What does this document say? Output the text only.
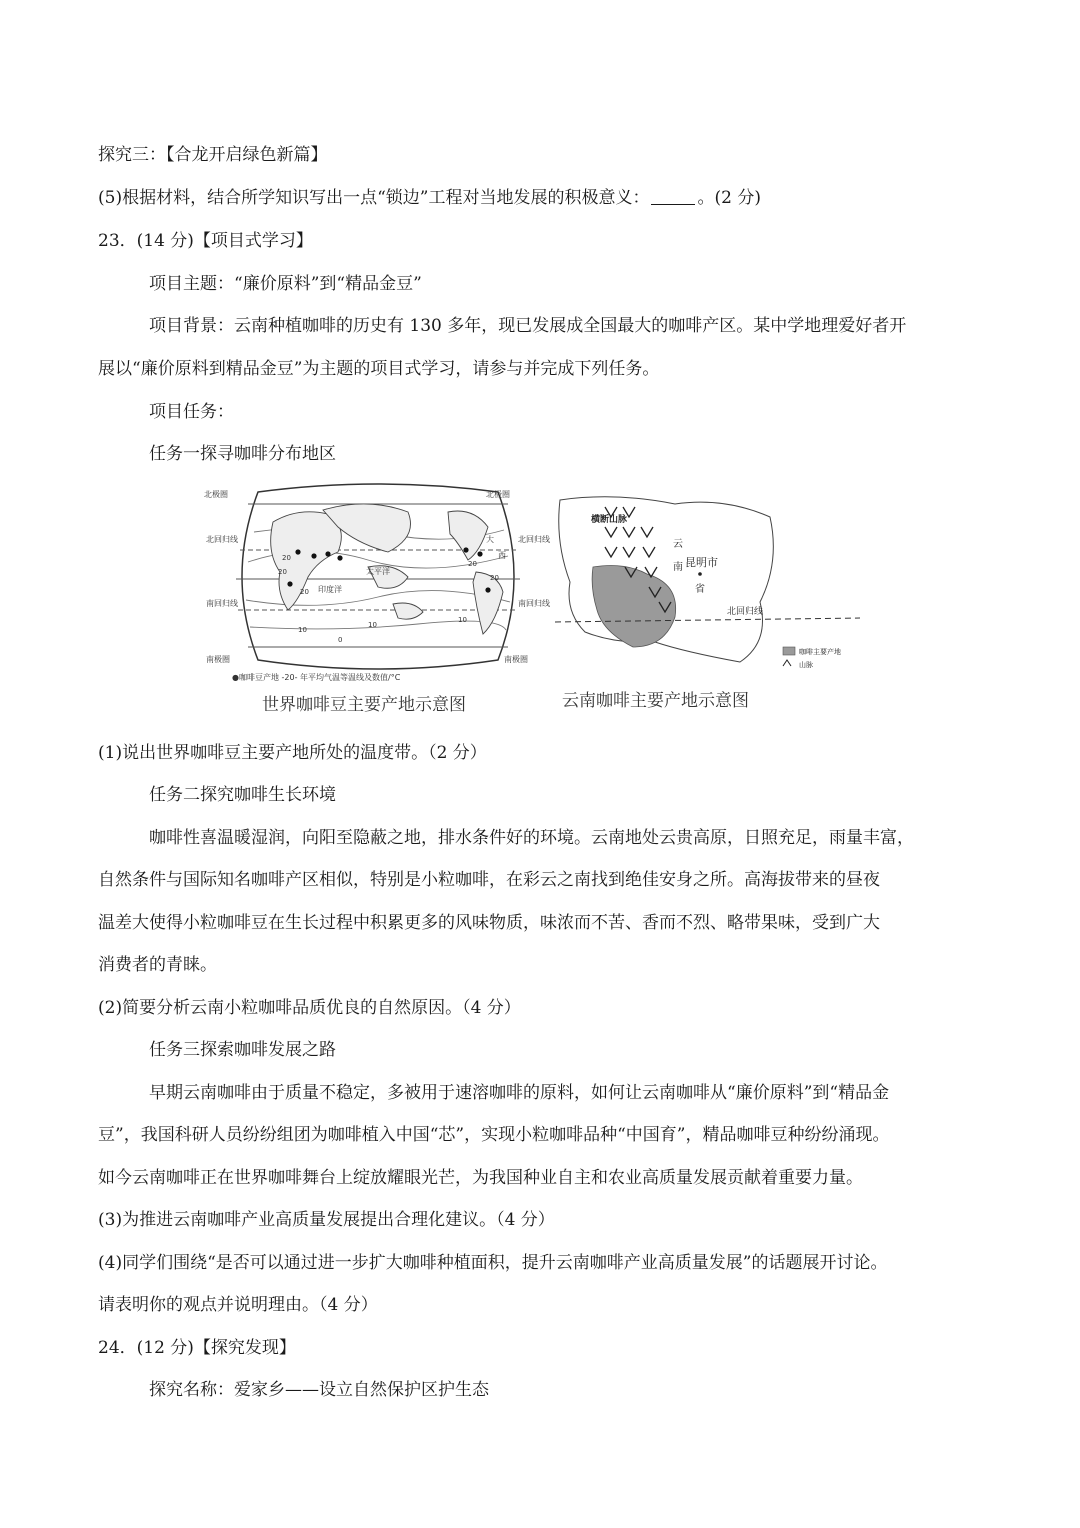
探究三：【合龙开启绿色新篇】
(5)根据材料，结合所学知识写出一点“锁边”工程对当地发展的积极意义：	。(2 分)
23．(14 分)【项目式学习】
项目主题：“廉价原料”到“精品金豆”
项目背景：云南种植咖啡的历史有 130 多年，现已发展成全国最大的咖啡产区。某中学地理爱好者开
展以“廉价原料到精品金豆”为主题的项目式学习，请参与并完成下列任务。
项目任务：
任务一探寻咖啡分布地区
北极圈	北极圈
北回归线	北回归线
南回归线	南回归线
南极圈	南极圈
太平洋
印度洋
大
西
20
20
20
20
20
10
10
10
0
●咖啡豆产地 -20- 年平均气温等温线及数值/°C
世界咖啡豆主要产地示意图
横断山脉
云
南
省
昆明市
北回归线
咖啡主要产地
山脉
云南咖啡主要产地示意图
(1)说出世界咖啡豆主要产地所处的温度带。（2 分）
任务二探究咖啡生长环境
咖啡性喜温暖湿润，向阳至隐蔽之地，排水条件好的环境。云南地处云贵高原，日照充足，雨量丰富，
自然条件与国际知名咖啡产区相似，特别是小粒咖啡，在彩云之南找到绝佳安身之所。高海拔带来的昼夜
温差大使得小粒咖啡豆在生长过程中积累更多的风味物质，味浓而不苦、香而不烈、略带果味，受到广大
消费者的青睐。
(2)简要分析云南小粒咖啡品质优良的自然原因。（4 分）
任务三探索咖啡发展之路
早期云南咖啡由于质量不稳定，多被用于速溶咖啡的原料，如何让云南咖啡从“廉价原料”到“精品金
豆”，我国科研人员纷纷组团为咖啡植入中国“芯”，实现小粒咖啡品种“中国育”，精品咖啡豆种纷纷涌现。
如今云南咖啡正在世界咖啡舞台上绽放耀眼光芒，为我国种业自主和农业高质量发展贡献着重要力量。
(3)为推进云南咖啡产业高质量发展提出合理化建议。（4 分）
(4)同学们围绕“是否可以通过进一步扩大咖啡种植面积，提升云南咖啡产业高质量发展”的话题展开讨论。
请表明你的观点并说明理由。（4 分）
24．(12 分)【探究发现】
探究名称：爱家乡——设立自然保护区护生态
